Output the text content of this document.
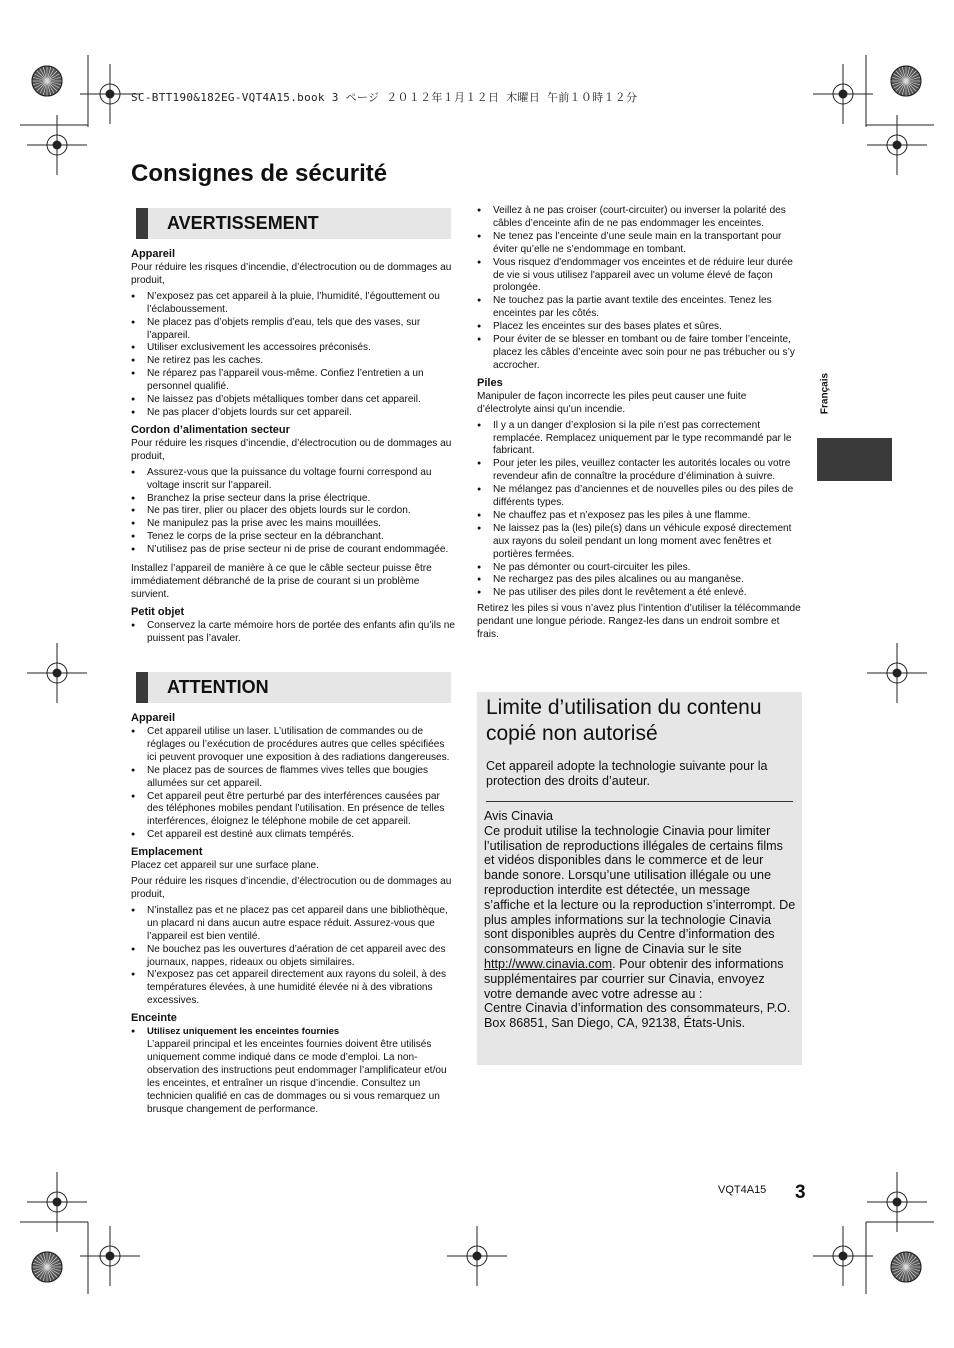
SC-BTT190&182EG-VQT4A15.book 3 ページ ２０１２年１月１２日 木曜日 午前１０時１２分
Consignes de sécurité
AVERTISSEMENT
Appareil

Pour réduire les risques d’incendie, d’électrocution ou de dommages au produit,

● N’exposez pas cet appareil à la pluie, l’humidité, l’égouttement ou l’éclaboussement.
● Ne placez pas d’objets remplis d’eau, tels que des vases, sur l’appareil.
● Utiliser exclusivement les accessoires préconisés.
● Ne retirez pas les caches.
● Ne réparez pas l’appareil vous-même. Confiez l’entretien a un personnel qualifié.
● Ne laissez pas d’objets métalliques tomber dans cet appareil.
● Ne pas placer d’objets lourds sur cet appareil.
Cordon d’alimentation secteur

Pour réduire les risques d’incendie, d’électrocution ou de dommages au produit,

● Assurez-vous que la puissance du voltage fourni correspond au voltage inscrit sur l’appareil.
● Branchez la prise secteur dans la prise électrique.
● Ne pas tirer, plier ou placer des objets lourds sur le cordon.
● Ne manipulez pas la prise avec les mains mouillées.
● Tenez le corps de la prise secteur en la débranchant.
● N’utilisez pas de prise secteur ni de prise de courant endommagée.

Installez l’appareil de manière à ce que le câble secteur puisse être immédiatement débranché de la prise de courant si un problème survient.

Petit objet
● Conservez la carte mémoire hors de portée des enfants afin qu’ils ne puissent pas l’avaler.
ATTENTION
Appareil
● Cet appareil utilise un laser. L’utilisation de commandes ou de réglages ou l’exécution de procédures autres que celles spécifiées ici peuvent provoquer une exposition à des radiations dangereuses.
● Ne placez pas de sources de flammes vives telles que bougies allumées sur cet appareil.
● Cet appareil peut être perturbé par des interférences causées par des téléphones mobiles pendant l’utilisation. En présence de telles interférences, éloignez le téléphone mobile de cet appareil.
● Cet appareil est destiné aux climats tempérés.
Emplacement

Placez cet appareil sur une surface plane.

Pour réduire les risques d’incendie, d’électrocution ou de dommages au produit,

● N’installez pas et ne placez pas cet appareil dans une bibliothèque, un placard ni dans aucun autre espace réduit. Assurez-vous que l’appareil est bien ventilé.
● Ne bouchez pas les ouvertures d’aération de cet appareil avec des journaux, nappes, rideaux ou objets similaires.
● N’exposez pas cet appareil directement aux rayons du soleil, à des températures élevées, à une humidité élevée ni à des vibrations excessives.
Enceinte
● Utilisez uniquement les enceintes fournies
L’appareil principal et les enceintes fournies doivent être utilisés uniquement comme indiqué dans ce mode d’emploi. La non-observation des instructions peut endommager l’amplificateur et/ou les enceintes, et entraîner un risque d’incendie. Consultez un technicien qualifié en cas de dommages ou si vous remarquez un brusque changement de performance.
● Veillez à ne pas croiser (court-circuiter) ou inverser la polarité des câbles d’enceinte afin de ne pas endommager les enceintes.
● Ne tenez pas l’enceinte d’une seule main en la transportant pour éviter qu’elle ne s’endommage en tombant.
● Vous risquez d'endommager vos enceintes et de réduire leur durée de vie si vous utilisez l'appareil avec un volume élevé de façon prolongée.
● Ne touchez pas la partie avant textile des enceintes. Tenez les enceintes par les côtés.
● Placez les enceintes sur des bases plates et sûres.
● Pour éviter de se blesser en tombant ou de faire tomber l’enceinte, placez les câbles d’enceinte avec soin pour ne pas trébucher ou s’y accrocher.
Piles

Manipuler de façon incorrecte les piles peut causer une fuite d’électrolyte ainsi qu’un incendie.

● Il y a un danger d’explosion si la pile n’est pas correctement remplacée. Remplacez uniquement par le type recommandé par le fabricant.
● Pour jeter les piles, veuillez contacter les autorités locales ou votre revendeur afin de connaître la procédure d’élimination à suivre.
● Ne mélangez pas d’anciennes et de nouvelles piles ou des piles de différents types.
● Ne chauffez pas et n’exposez pas les piles à une flamme.
● Ne laissez pas la (les) pile(s) dans un véhicule exposé directement aux rayons du soleil pendant un long moment avec fenêtres et portières fermées.
● Ne pas démonter ou court-circuiter les piles.
● Ne rechargez pas des piles alcalines ou au manganèse.
● Ne pas utiliser des piles dont le revêtement a été enlevé.

Retirez les piles si vous n’avez plus l’intention d’utiliser la télécommande pendant une longue période. Rangez-les dans un endroit sombre et frais.

Limite d’utilisation du contenu copié non autorisé
Cet appareil adopte la technologie suivante pour la protection des droits d’auteur.
Avis Cinavia
Ce produit utilise la technologie Cinavia pour limiter l’utilisation de reproductions illégales de certains films et vidéos disponibles dans le commerce et de leur bande sonore. Lorsqu’une utilisation illégale ou une reproduction interdite est détectée, un message s’affiche et la lecture ou la reproduction s’interrompt. De plus amples informations sur la technologie Cinavia sont disponibles auprès du Centre d’information des consommateurs en ligne de Cinavia sur le site http://www.cinavia.com. Pour obtenir des informations supplémentaires par courrier sur Cinavia, envoyez votre demande avec votre adresse au :
Centre Cinavia d’information des consommateurs, P.O. Box 86851, San Diego, CA, 92138, États-Unis.
Français
VQT4A15 3
